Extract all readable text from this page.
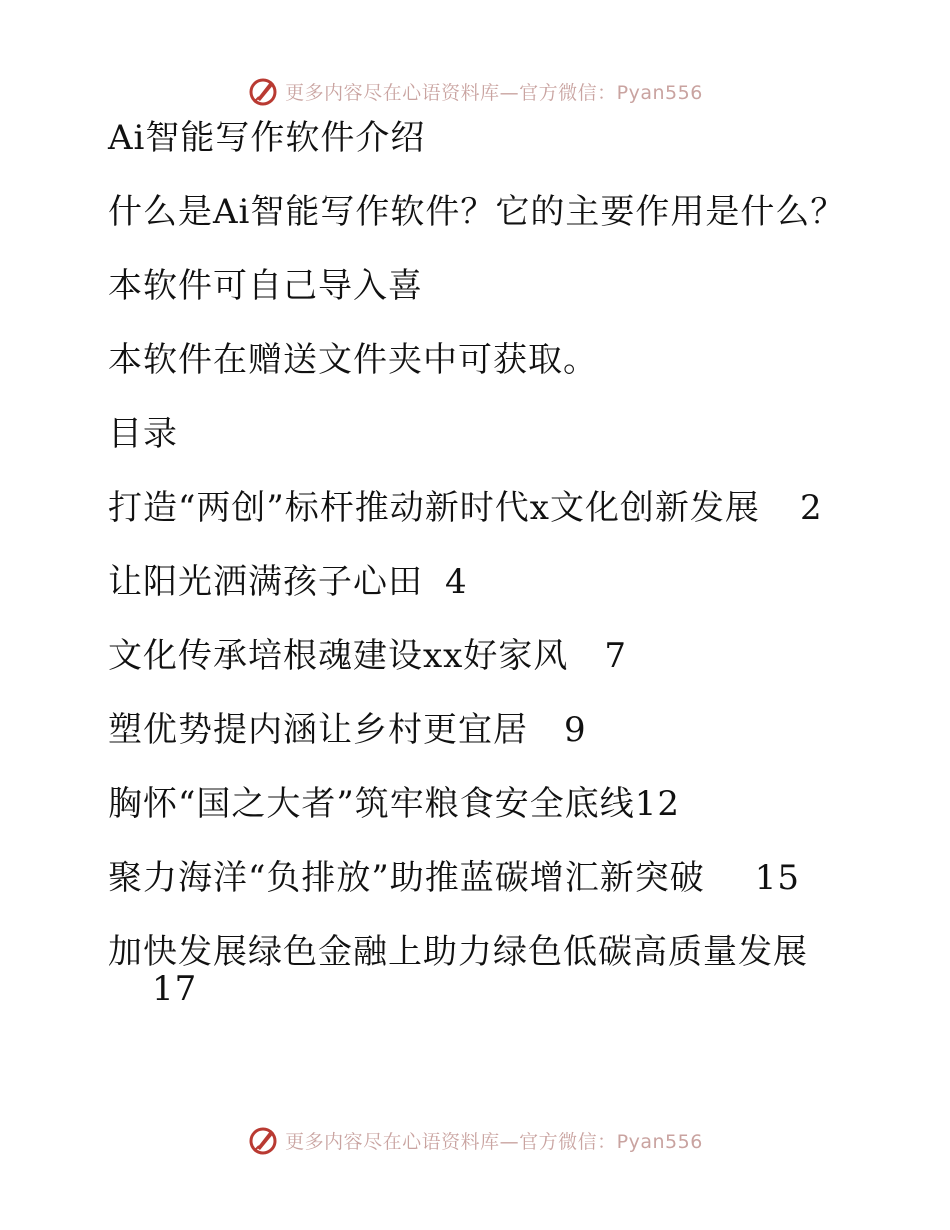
更多内容尽在心语资料库—官方微信：Pyan556
Ai智能写作软件介绍
什么是Ai智能写作软件？它的主要作用是什么？
本软件可自己导入喜
本软件在赠送文件夹中可获取。
目录
打造“两创”标杆推动新时代x文化创新发展 2
让阳光洒满孩子心田 4
文化传承培根魂建设xx好家风 7
塑优势提内涵让乡村更宜居 9
胸怀“国之大者”筑牢粮食安全底线12
聚力海洋“负排放”助推蓝碳增汇新突破 15
加快发展绿色金融上助力绿色低碳高质量发展
17
更多内容尽在心语资料库—官方微信：Pyan556
